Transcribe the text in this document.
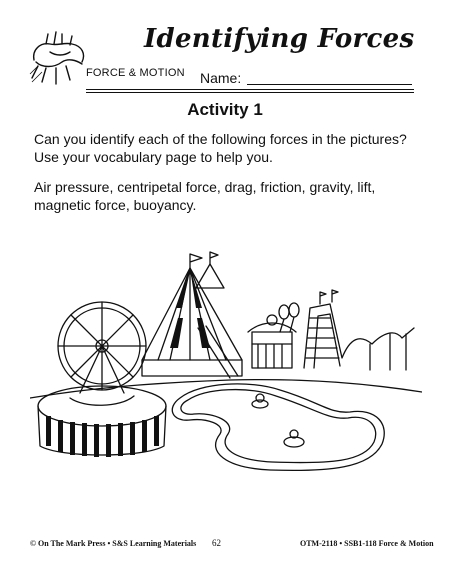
Identifying Forces
FORCE & MOTION Name:
Activity 1
Can you identify each of the following forces in the pictures? Use your vocabulary page to help you.
Air pressure, centripetal force, drag, friction, gravity, lift, magnetic force, buoyancy.
© On The Mark Press • S&S Learning Materials 62	OTM-2118 • SSB1-118 Force & Motion
